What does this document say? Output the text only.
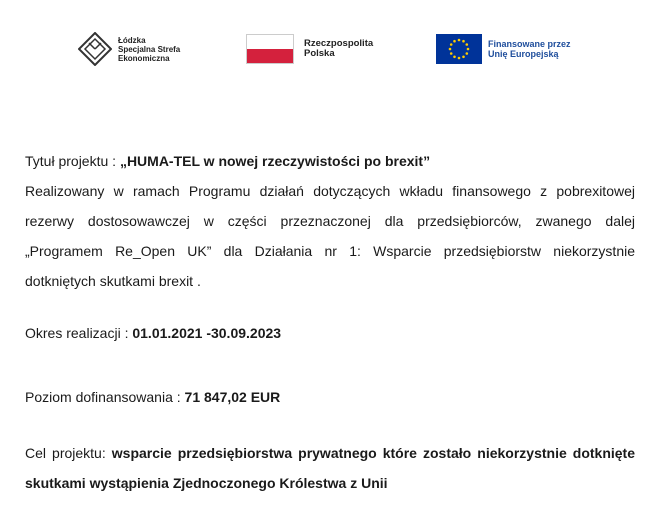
Łódzka
Specjalna Strefa
Ekonomiczna
Rzeczpospolita
Polska
Finansowane przez
Unię Europejską
Tytuł projektu : „HUMA-TEL w nowej rzeczywistości po brexit”
Realizowany w ramach Programu działań dotyczących wkładu finansowego z pobrexitowej
rezerwy dostosowawczej w części przeznaczonej dla przedsiębiorców, zwanego dalej
„Programem Re_Open UK” dla Działania nr 1: Wsparcie przedsiębiorstw niekorzystnie
dotkniętych skutkami brexit .
Okres realizacji : 01.01.2021 -30.09.2023
Poziom dofinansowania : 71 847,02 EUR
Cel projektu: wsparcie przedsiębiorstwa prywatnego które zostało niekorzystnie dotknięte
skutkami wystąpienia Zjednoczonego Królestwa z Unii
